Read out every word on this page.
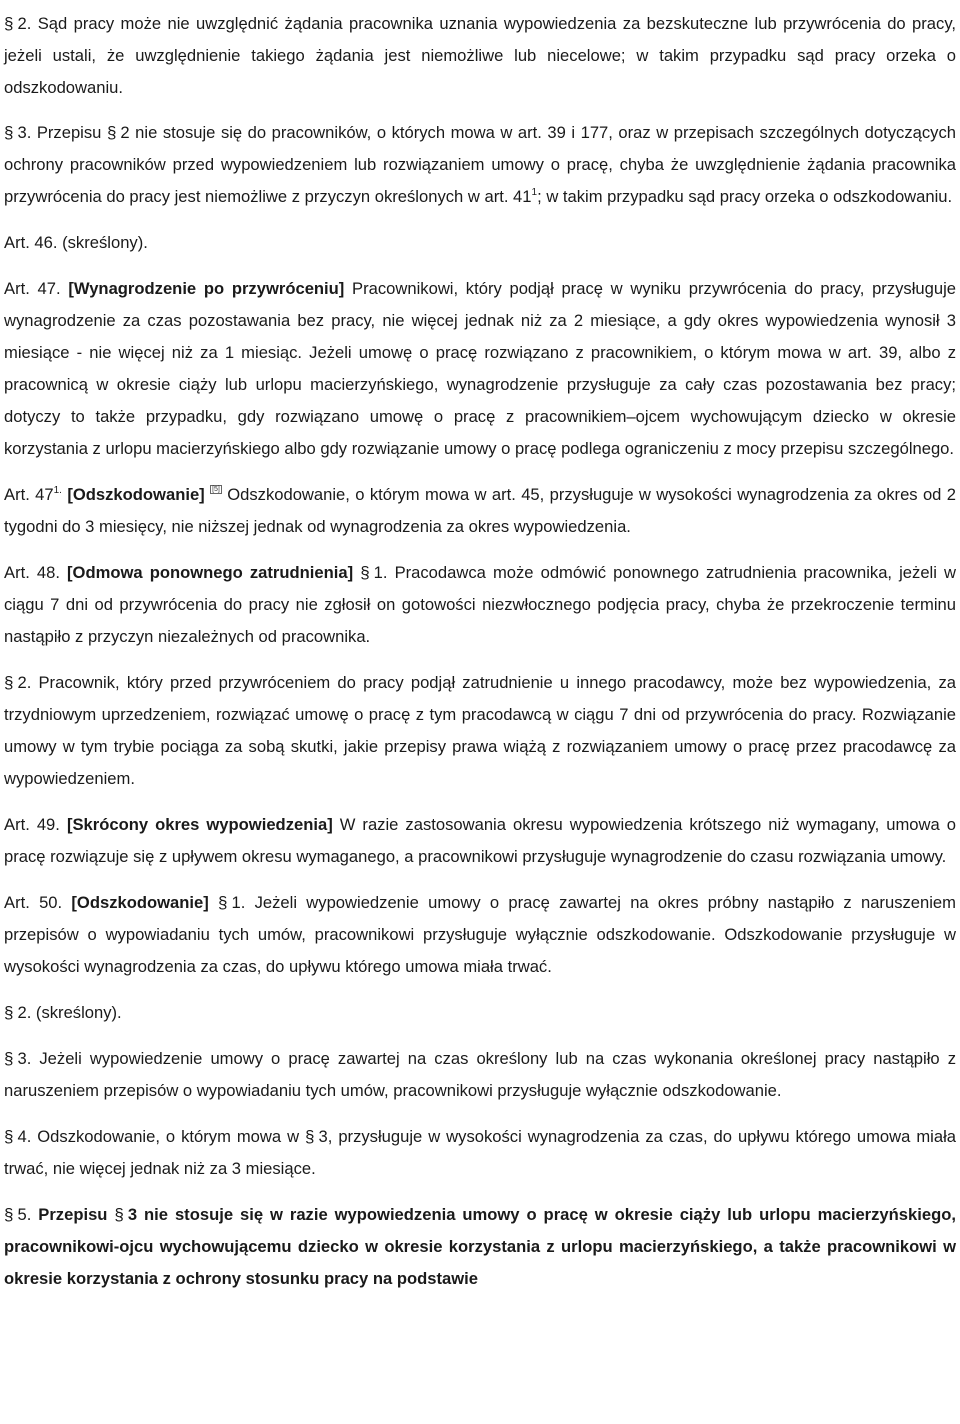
§ 2. Sąd pracy może nie uwzględnić żądania pracownika uznania wypowiedzenia za bezskuteczne lub przywrócenia do pracy, jeżeli ustali, że uwzględnienie takiego żądania jest niemożliwe lub niecelowe; w takim przypadku sąd pracy orzeka o odszkodowaniu.

§ 3. Przepisu § 2 nie stosuje się do pracowników, o których mowa w art. 39 i 177, oraz w przepisach szczególnych dotyczących ochrony pracowników przed wypowiedzeniem lub rozwiązaniem umowy o pracę, chyba że uwzględnienie żądania pracownika przywrócenia do pracy jest niemożliwe z przyczyn określonych w art. $41^1$; w takim przypadku sąd pracy orzeka o odszkodowaniu.

Art. 46. (skreślony).

Art. 47. [Wynagrodzenie po przywróceniu] Pracownikowi, który podjął pracę w wyniku przywrócenia do pracy, przysługuje wynagrodzenie za czas pozostawania bez pracy, nie więcej jednak niż za 2 miesiące, a gdy okres wypowiedzenia wynosił 3 miesiące - nie więcej niż za 1 miesiąc. Jeżeli umowę o pracę rozwiązano z pracownikiem, o którym mowa w art. 39, albo z pracownicą w okresie ciąży lub urlopu macierzyńskiego, wynagrodzenie przysługuje za cały czas pozostawania bez pracy; dotyczy to także przypadku, gdy rozwiązano umowę o pracę z pracownikiem–ojcem wychowującym dziecko w okresie korzystania z urlopu macierzyńskiego albo gdy rozwiązanie umowy o pracę podlega ograniczeniu z mocy przepisu szczególnego.

Art. $47^{1.}$ [Odszkodowanie] [5] Odszkodowanie, o którym mowa w art. 45, przysługuje w wysokości wynagrodzenia za okres od 2 tygodni do 3 miesięcy, nie niższej jednak od wynagrodzenia za okres wypowiedzenia.

Art. 48. [Odmowa ponownego zatrudnienia] § 1. Pracodawca może odmówić ponownego zatrudnienia pracownika, jeżeli w ciągu 7 dni od przywrócenia do pracy nie zgłosił on gotowości niezwłocznego podjęcia pracy, chyba że przekroczenie terminu nastąpiło z przyczyn niezależnych od pracownika.

§ 2. Pracownik, który przed przywróceniem do pracy podjął zatrudnienie u innego pracodawcy, może bez wypowiedzenia, za trzydniowym uprzedzeniem, rozwiązać umowę o pracę z tym pracodawcą w ciągu 7 dni od przywrócenia do pracy. Rozwiązanie umowy w tym trybie pociąga za sobą skutki, jakie przepisy prawa wiążą z rozwiązaniem umowy o pracę przez pracodawcę za wypowiedzeniem.

Art. 49. [Skrócony okres wypowiedzenia] W razie zastosowania okresu wypowiedzenia krótszego niż wymagany, umowa o pracę rozwiązuje się z upływem okresu wymaganego, a pracownikowi przysługuje wynagrodzenie do czasu rozwiązania umowy.

Art. 50. [Odszkodowanie] § 1. Jeżeli wypowiedzenie umowy o pracę zawartej na okres próbny nastąpiło z naruszeniem przepisów o wypowiadaniu tych umów, pracownikowi przysługuje wyłącznie odszkodowanie. Odszkodowanie przysługuje w wysokości wynagrodzenia za czas, do upływu którego umowa miała trwać.

§ 2. (skreślony).

§ 3. Jeżeli wypowiedzenie umowy o pracę zawartej na czas określony lub na czas wykonania określonej pracy nastąpiło z naruszeniem przepisów o wypowiadaniu tych umów, pracownikowi przysługuje wyłącznie odszkodowanie.

§ 4. Odszkodowanie, o którym mowa w § 3, przysługuje w wysokości wynagrodzenia za czas, do upływu którego umowa miała trwać, nie więcej jednak niż za 3 miesiące.

§ 5. Przepisu § 3 nie stosuje się w razie wypowiedzenia umowy o pracę w okresie ciąży lub urlopu macierzyńskiego, pracownikowi-ojcu wychowującemu dziecko w okresie korzystania z urlopu macierzyńskiego, a także pracownikowi w okresie korzystania z ochrony stosunku pracy na podstawie
